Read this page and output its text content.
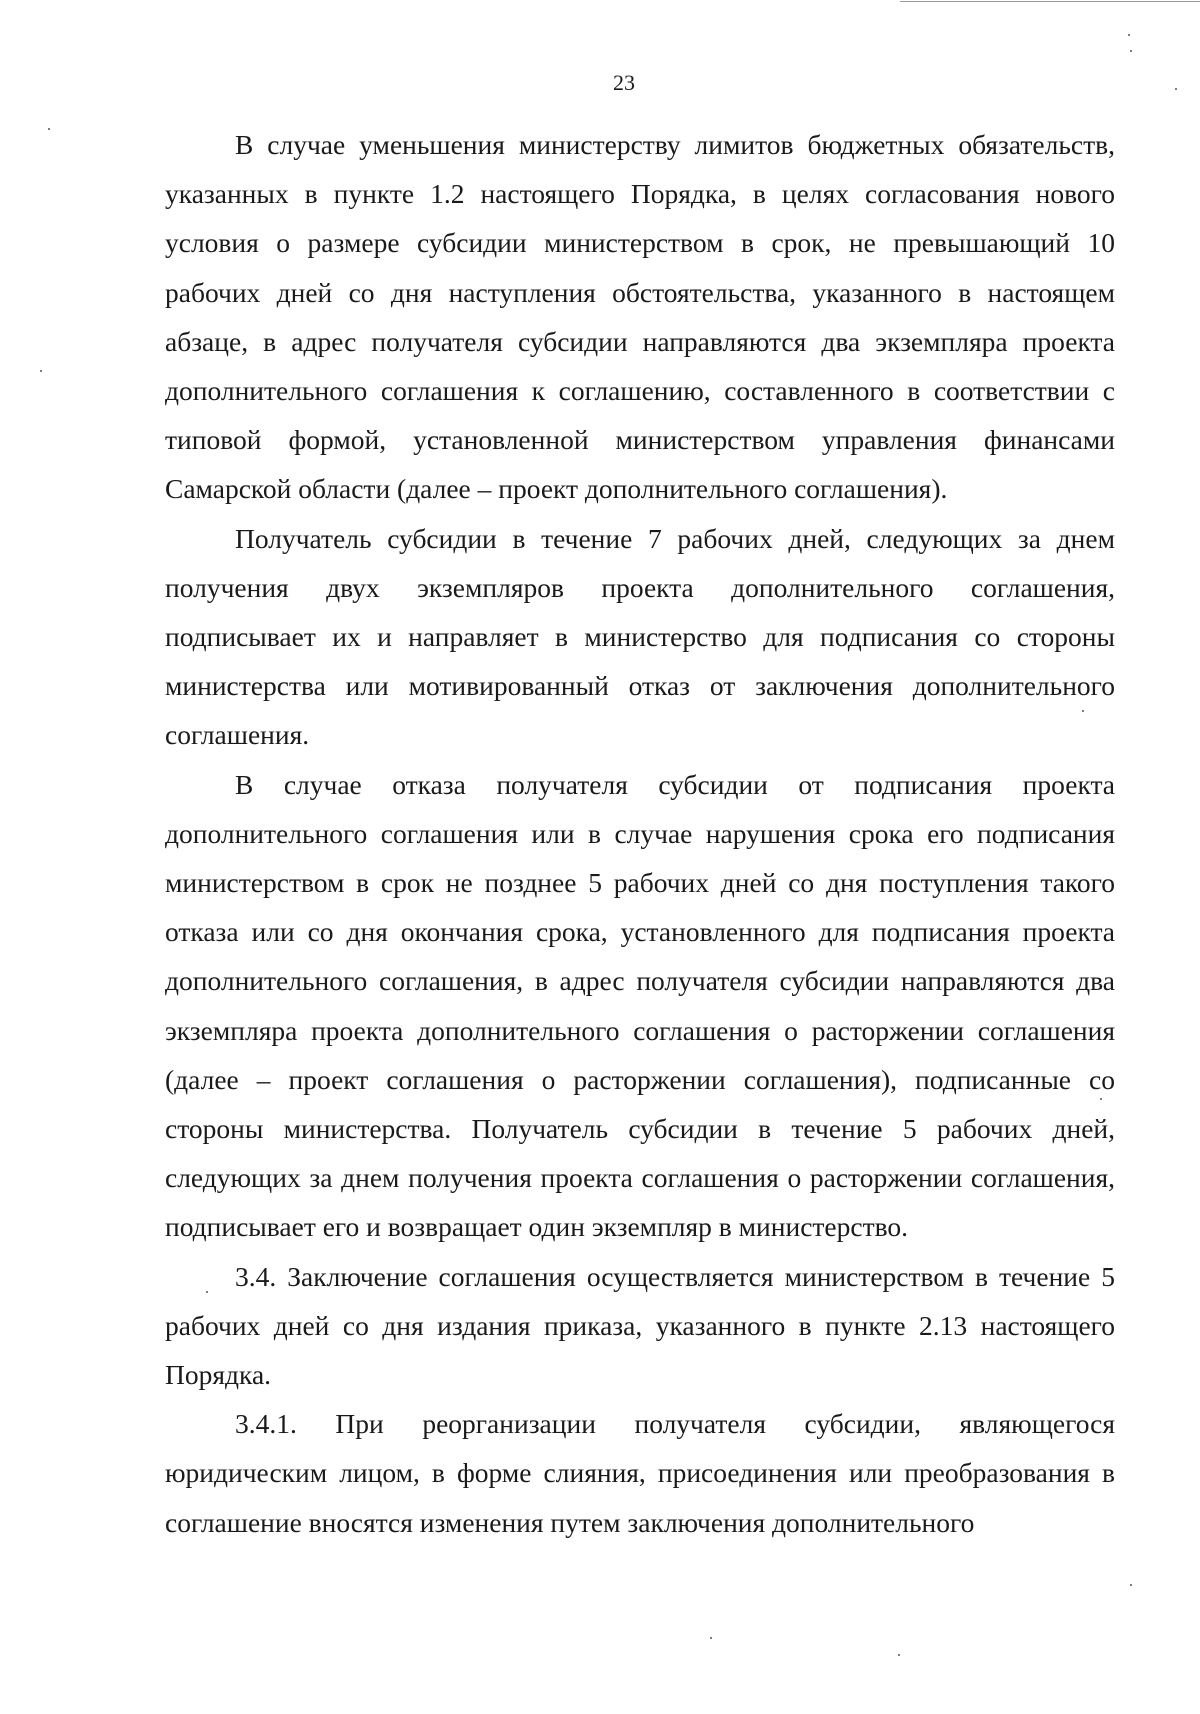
23

В случае уменьшения министерству лимитов бюджетных обязательств, указанных в пункте 1.2 настоящего Порядка, в целях согласования нового условия о размере субсидии министерством в срок, не превышающий 10 рабочих дней со дня наступления обстоятельства, указанного в настоящем абзаце, в адрес получателя субсидии направляются два экземпляра проекта дополнительного соглашения к соглашению, составленного в соответствии с типовой формой, установленной министерством управления финансами Самарской области (далее – проект дополнительного соглашения).

Получатель субсидии в течение 7 рабочих дней, следующих за днем получения двух экземпляров проекта дополнительного соглашения, подписывает их и направляет в министерство для подписания со стороны министерства или мотивированный отказ от заключения дополнительного соглашения.

В случае отказа получателя субсидии от подписания проекта дополнительного соглашения или в случае нарушения срока его подписания министерством в срок не позднее 5 рабочих дней со дня поступления такого отказа или со дня окончания срока, установленного для подписания проекта дополнительного соглашения, в адрес получателя субсидии направляются два экземпляра проекта дополнительного соглашения о расторжении соглашения (далее – проект соглашения о расторжении соглашения), подписанные со стороны министерства. Получатель субсидии в течение 5 рабочих дней, следующих за днем получения проекта соглашения о расторжении соглашения, подписывает его и возвращает один экземпляр в министерство.

3.4. Заключение соглашения осуществляется министерством в течение 5 рабочих дней со дня издания приказа, указанного в пункте 2.13 настоящего Порядка.

3.4.1. При реорганизации получателя субсидии, являющегося юридическим лицом, в форме слияния, присоединения или преобразования в соглашение вносятся изменения путем заключения дополнительного
